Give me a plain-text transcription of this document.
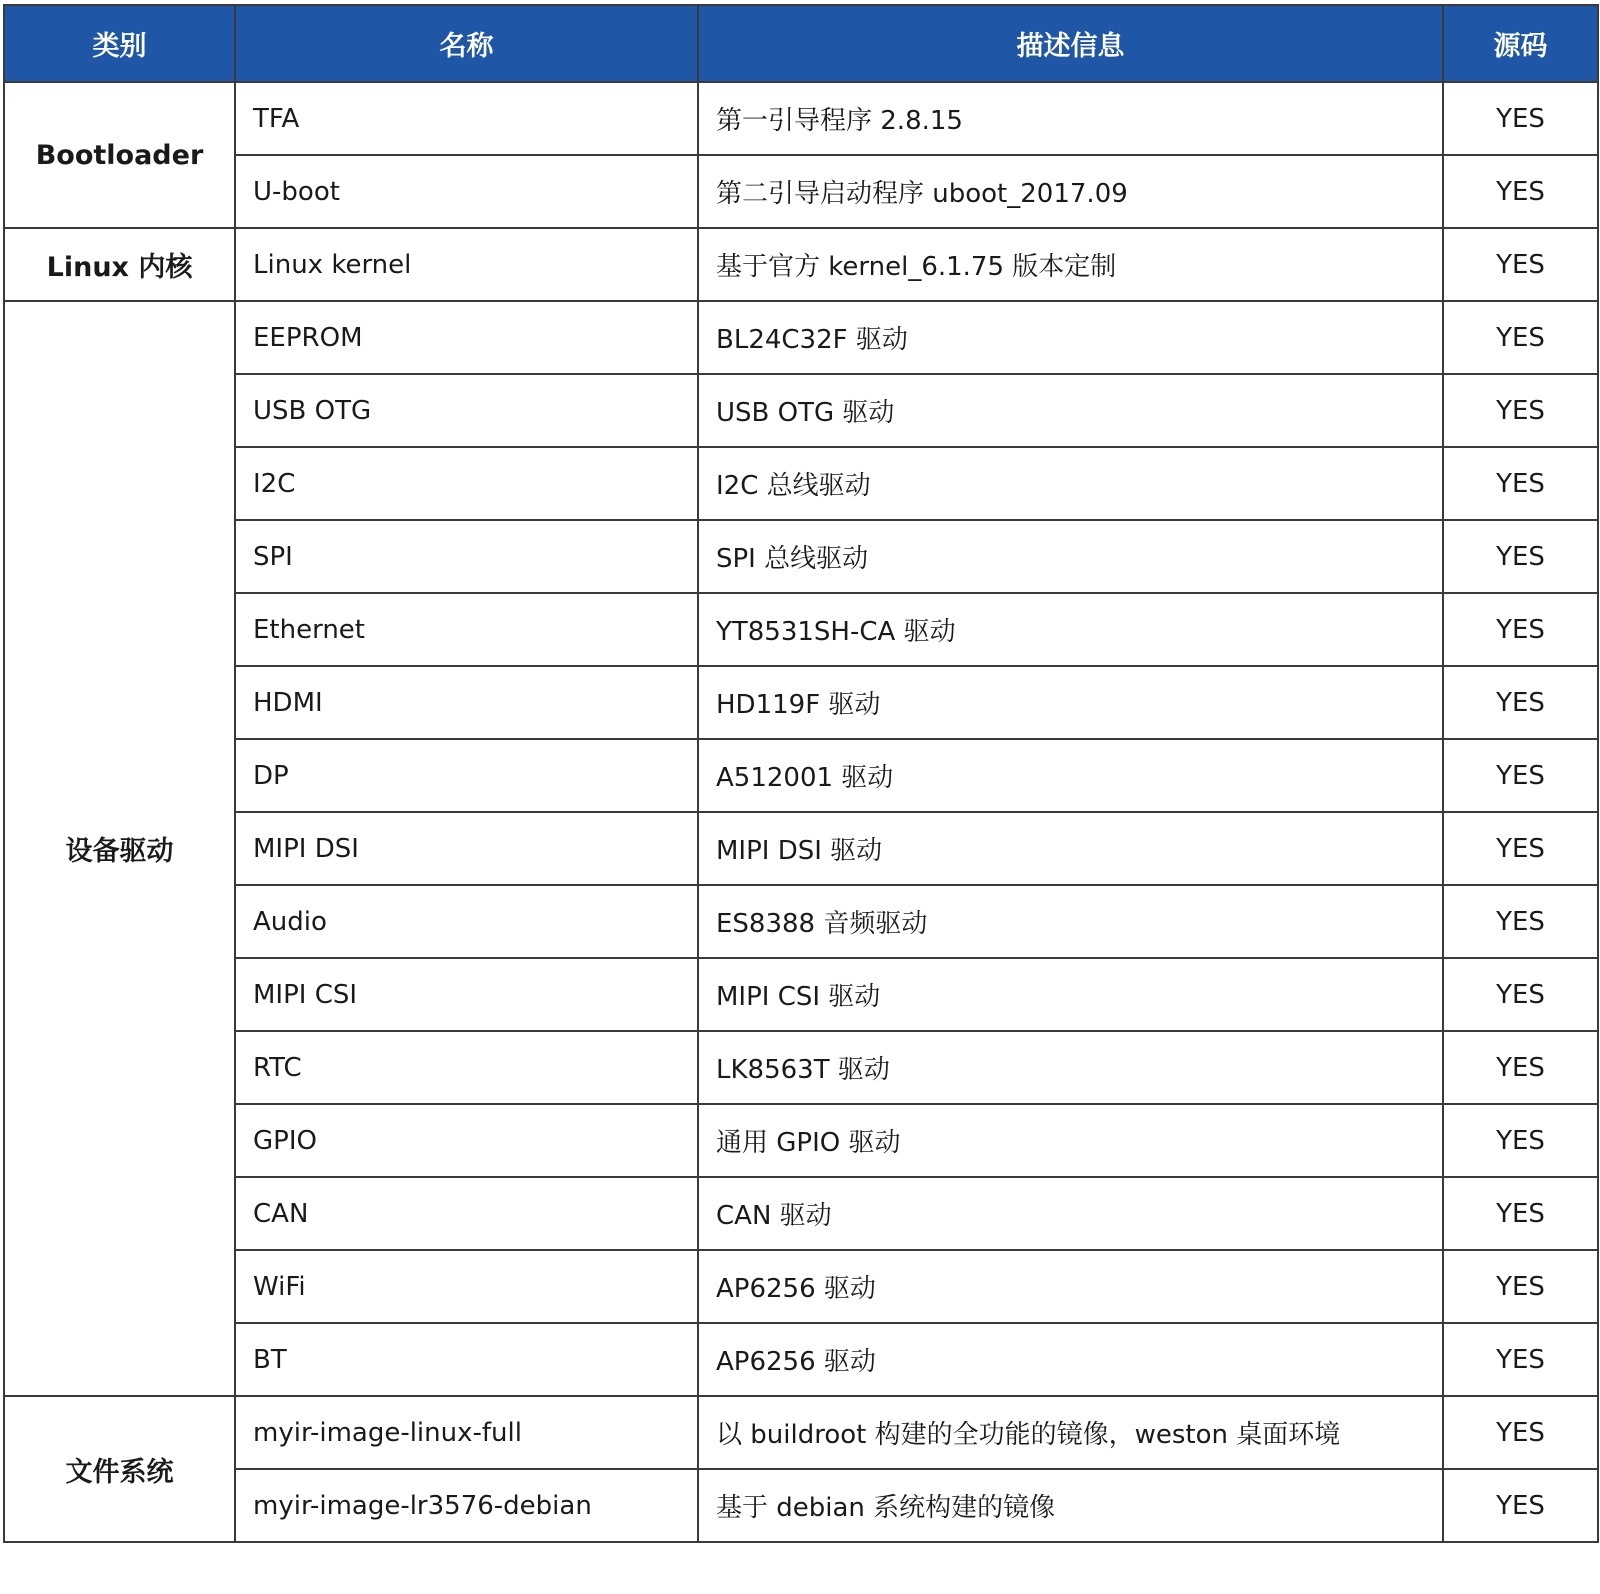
类别	名称	描述信息	源码
Bootloader	TFA	第一引导程序 2.8.15	YES
	U-boot	第二引导启动程序 uboot_2017.09	YES
Linux 内核	Linux kernel	基于官方 kernel_6.1.75 版本定制	YES
设备驱动	EEPROM	BL24C32F 驱动	YES
	USB OTG	USB OTG 驱动	YES
	I2C	I2C 总线驱动	YES
	SPI	SPI 总线驱动	YES
	Ethernet	YT8531SH-CA 驱动	YES
	HDMI	HD119F 驱动	YES
	DP	A512001 驱动	YES
	MIPI DSI	MIPI DSI 驱动	YES
	Audio	ES8388 音频驱动	YES
	MIPI CSI	MIPI CSI 驱动	YES
	RTC	LK8563T 驱动	YES
	GPIO	通用 GPIO 驱动	YES
	CAN	CAN 驱动	YES
	WiFi	AP6256 驱动	YES
	BT	AP6256 驱动	YES
文件系统	myir-image-linux-full	以 buildroot 构建的全功能的镜像，weston 桌面环境	YES
	myir-image-lr3576-debian	基于 debian 系统构建的镜像	YES
